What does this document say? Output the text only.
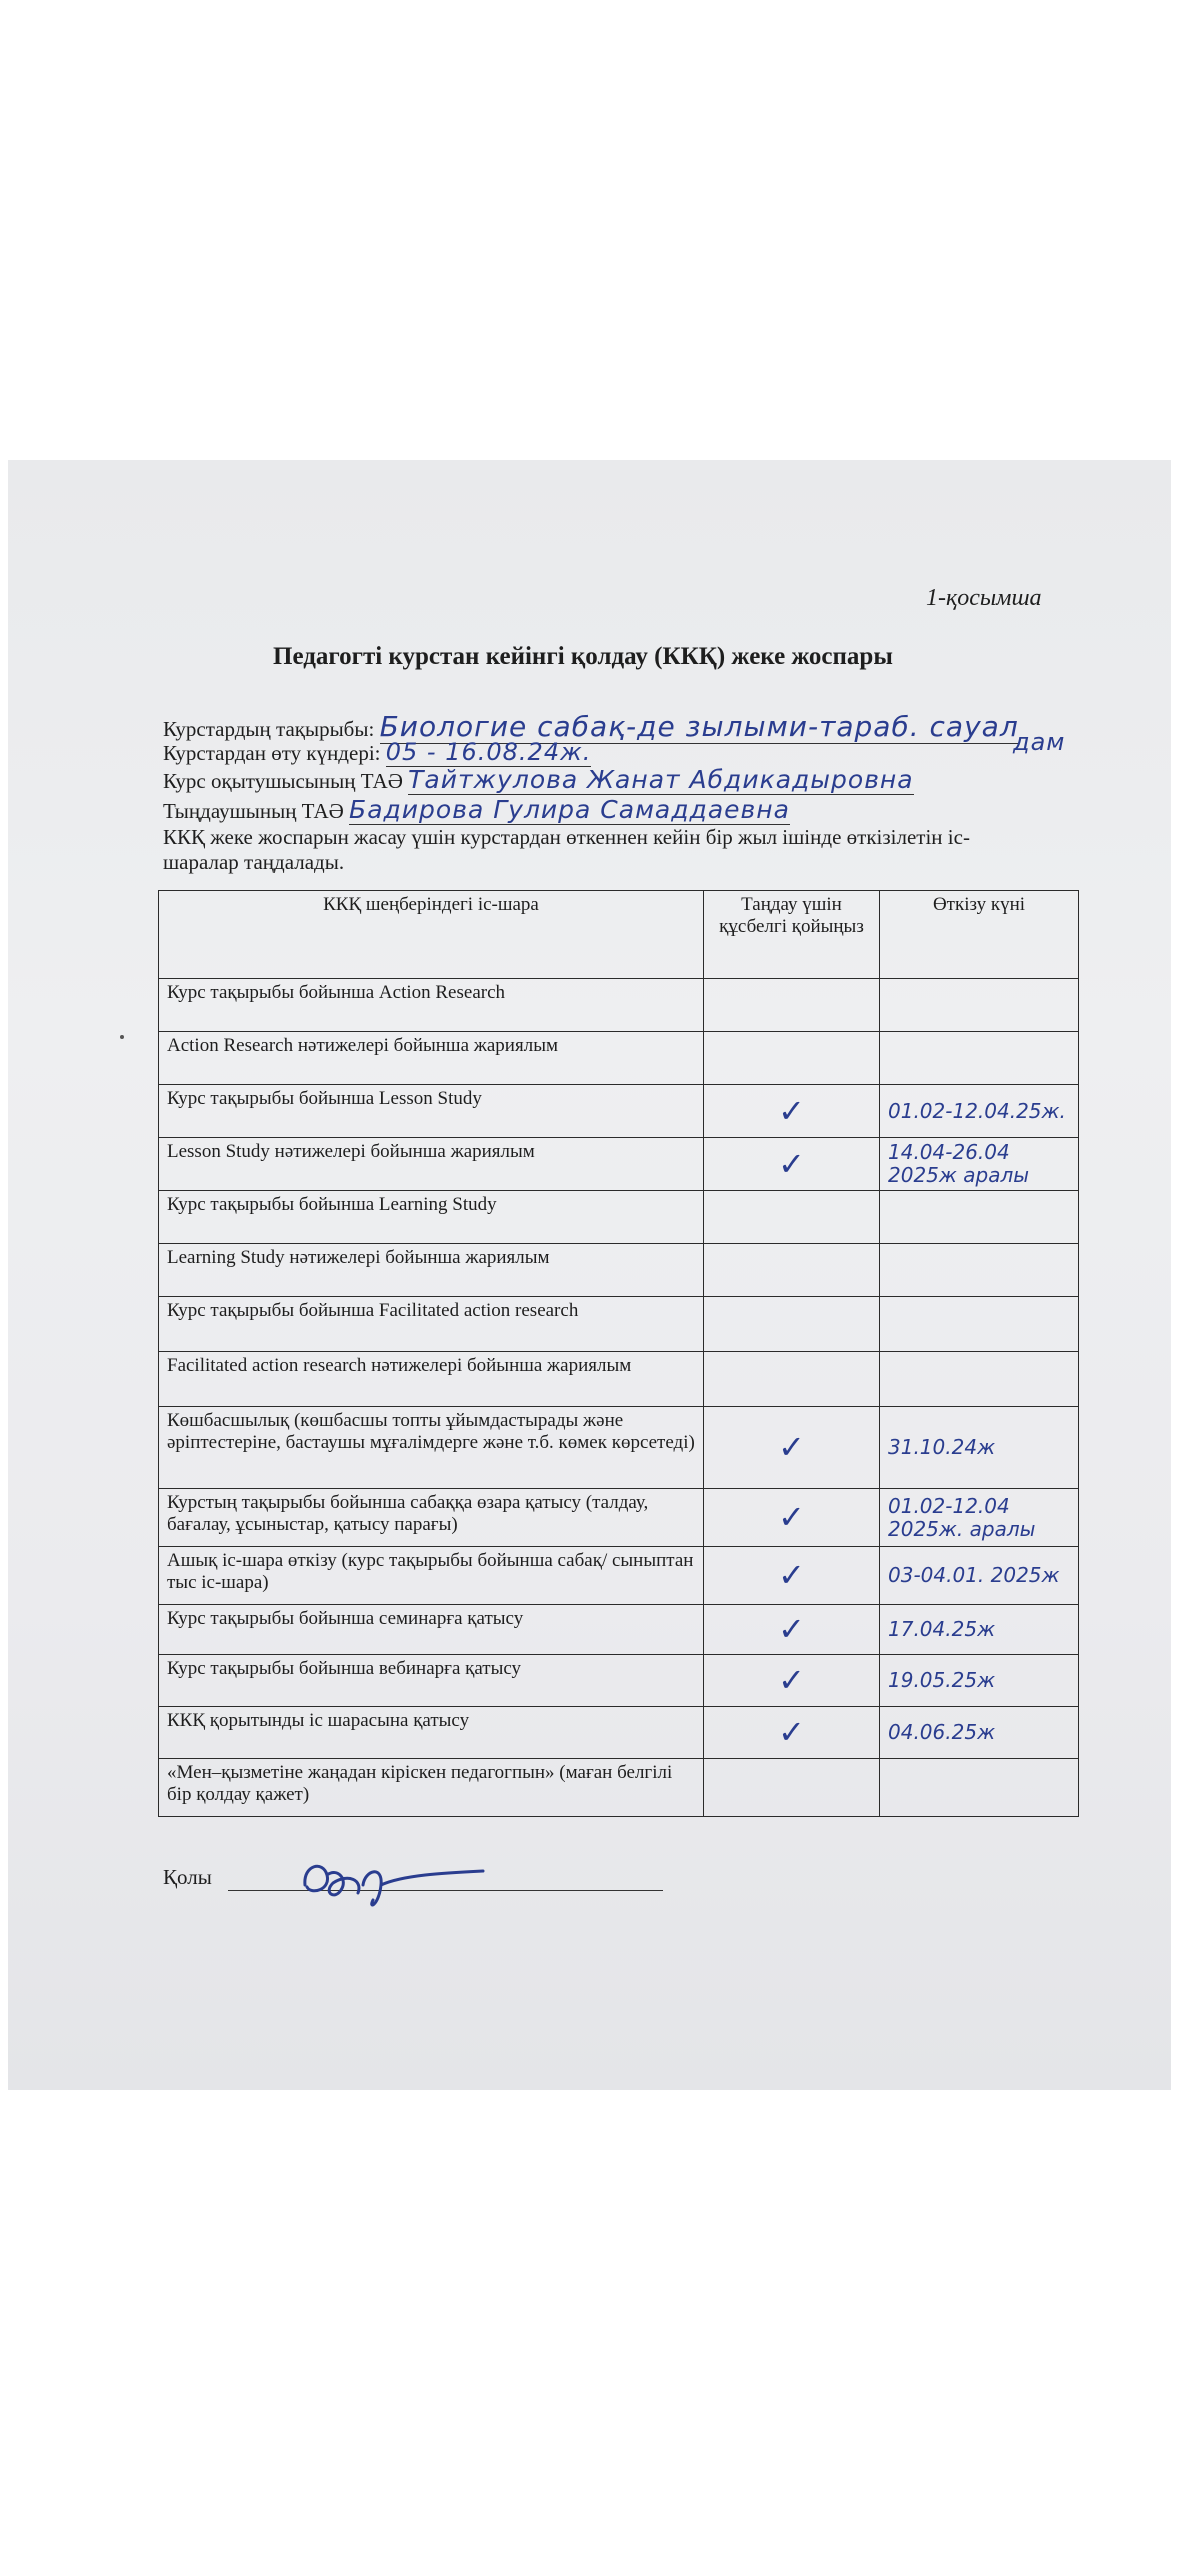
1-қосымша
Педагогті курстан кейінгі қолдау (ККҚ) жеке жоспары
Курстардың тақырыбы: Биологие сабақ-де зылыми-тараб. сауал
дам
Курстардан өту күндері: 05 - 16.08.24ж.
Курс оқытушысының ТАӘ Тайтжулова Жанат Абдикадыровна
Тыңдаушының ТАӘ Бадирова Гулира Самаддаевна
ККҚ жеке жоспарын жасау үшін курстардан өткеннен кейін бір жыл ішінде өткізілетін іс-
шаралар таңдалады.
ККҚ шеңберіндегі іс-шара	Таңдау үшін құсбелгі қойыңыз	Өткізу күні
Курс тақырыбы бойынша Action Research		
Action Research нәтижелері бойынша жариялым		
Курс тақырыбы бойынша Lesson Study	✓	01.02-12.04.25ж.
Lesson Study нәтижелері бойынша жариялым	✓	14.04-26.04 2025ж аралы
Курс тақырыбы бойынша Learning Study		
Learning Study нәтижелері бойынша жариялым		
Курс тақырыбы бойынша Facilitated action research		
Facilitated action research нәтижелері бойынша жариялым		
Көшбасшылық (көшбасшы топты ұйымдастырады және әріптестеріне, бастаушы мұғалімдерге және т.б. көмек көрсетеді)	✓	31.10.24ж
Курстың тақырыбы бойынша сабаққа өзара қатысу (талдау, бағалау, ұсыныстар, қатысу парағы)	✓	01.02-12.04 2025ж. аралы
Ашық іс-шара өткізу (курс тақырыбы бойынша сабақ/ сыныптан тыс іс-шара)	✓	03-04.01. 2025ж
Курс тақырыбы бойынша семинарға қатысу	✓	17.04.25ж
Курс тақырыбы бойынша вебинарға қатысу	✓	19.05.25ж
ККҚ қорытынды іс шарасына қатысу	✓	04.06.25ж
«Мен–қызметіне жаңадан кіріскен педагогпын» (маған белгілі бір қолдау қажет)		
Қолы
